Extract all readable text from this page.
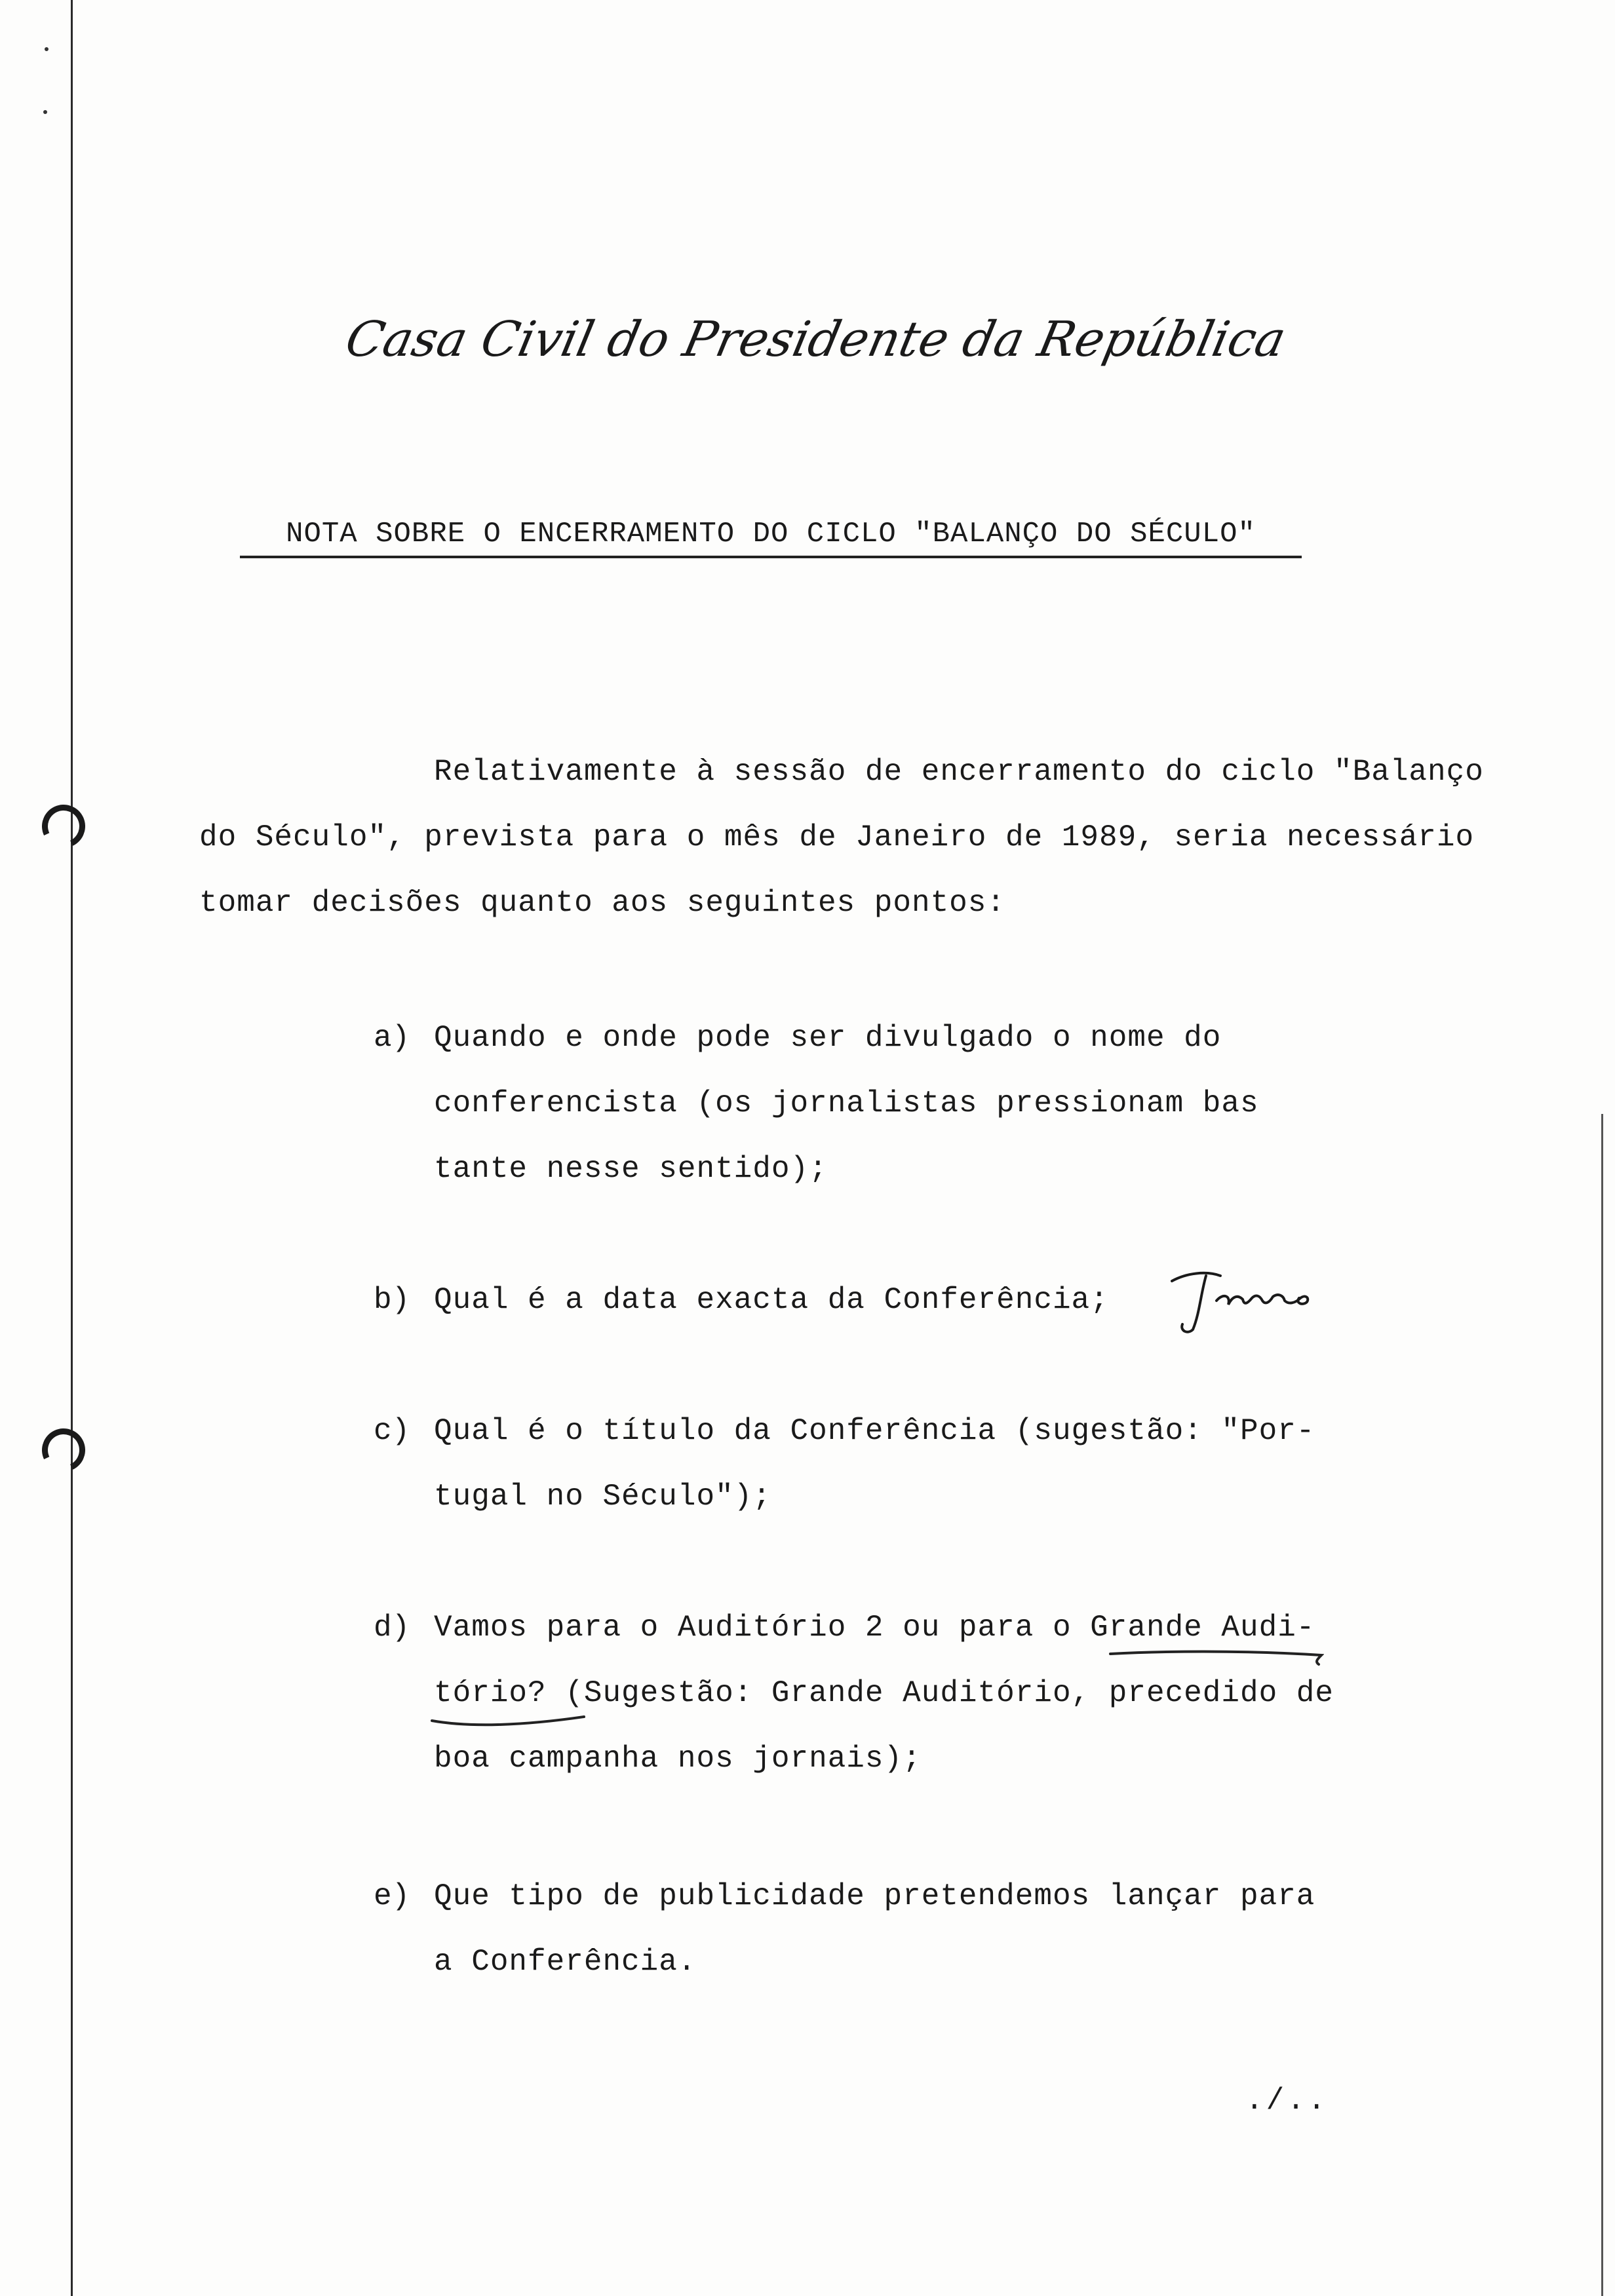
Casa Civil do Presidente da República
NOTA SOBRE O ENCERRAMENTO DO CICLO "BALANÇO DO SÉCULO"
Relativamente à sessão de encerramento do ciclo "Balanço
do Século", prevista para o mês de Janeiro de 1989, seria necessário
tomar decisões quanto aos seguintes pontos:
a) Quando e onde pode ser divulgado o nome do
conferencista (os jornalistas pressionam bas
tante nesse sentido);
b) Qual é a data exacta da Conferência;
c) Qual é o título da Conferência (sugestão: "Por-
tugal no Século");
d) Vamos para o Auditório 2 ou para o Grande Audi-
tório? (Sugestão: Grande Auditório, precedido de
boa campanha nos jornais);
e) Que tipo de publicidade pretendemos lançar para
a Conferência.
./..
